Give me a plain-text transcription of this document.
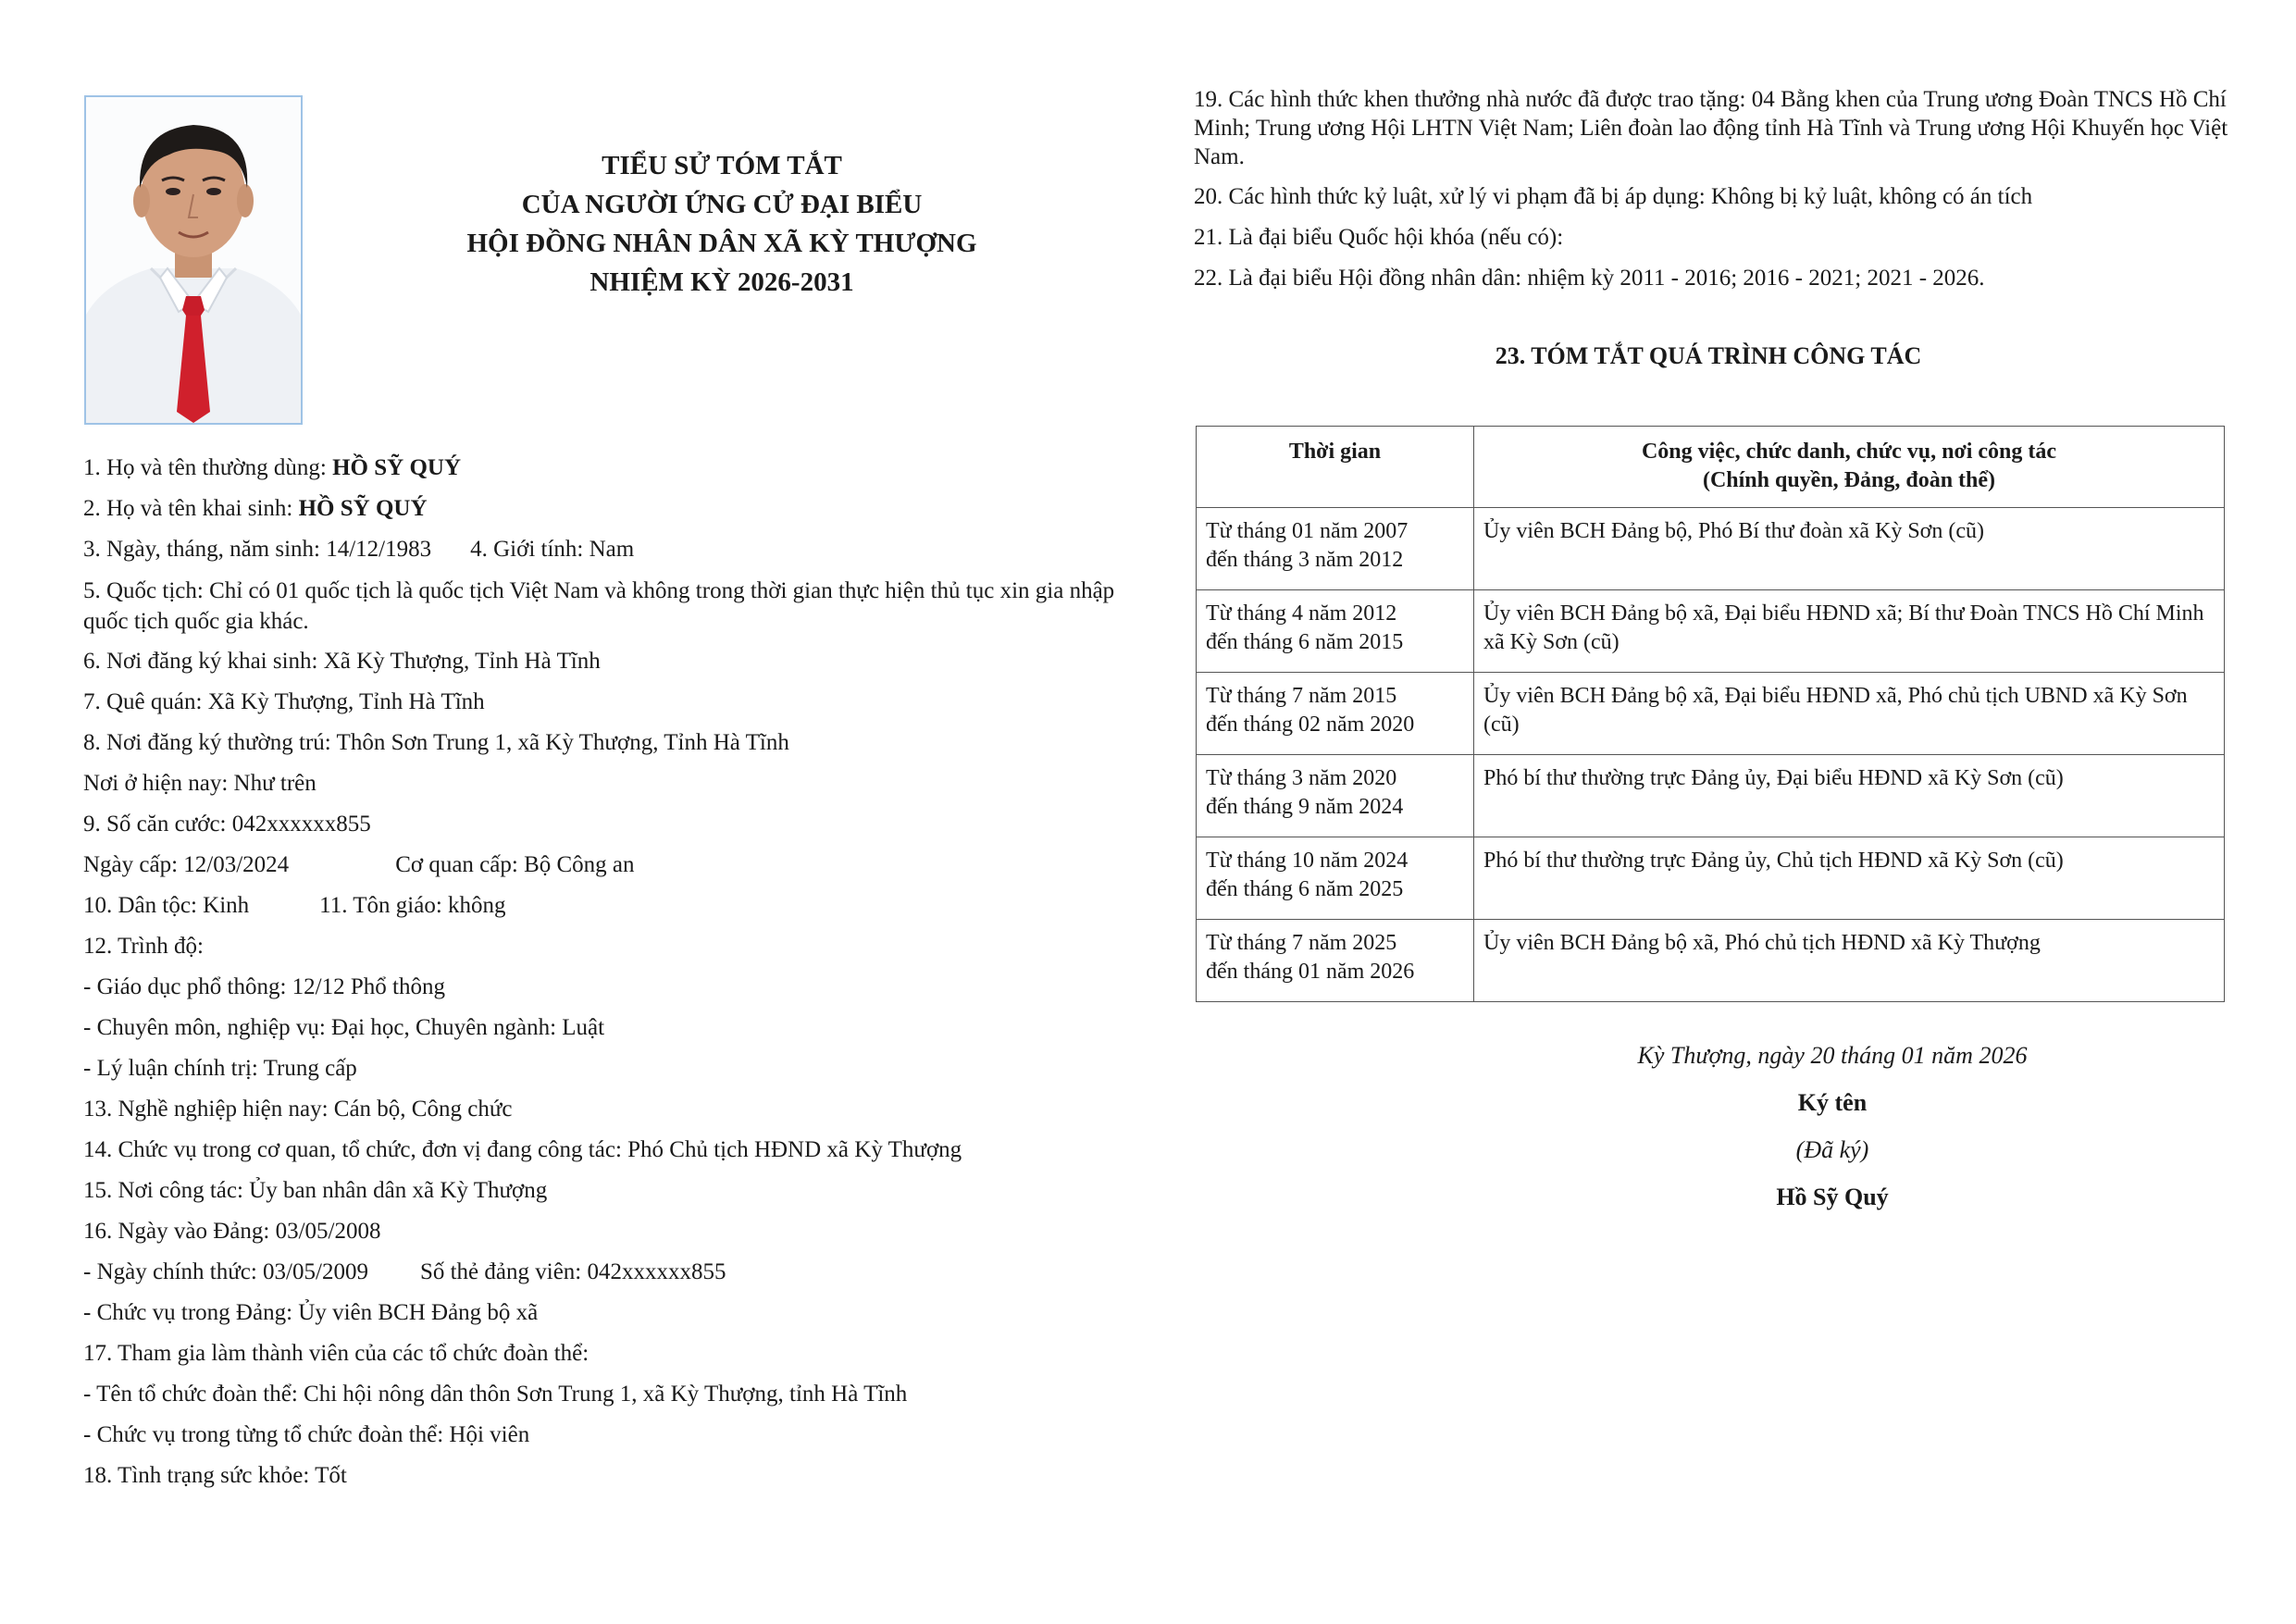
TIỂU SỬ TÓM TẮT
CỦA NGƯỜI ỨNG CỬ ĐẠI BIỂU
HỘI ĐỒNG NHÂN DÂN XÃ KỲ THƯỢNG
NHIỆM KỲ 2026-2031
1. Họ và tên thường dùng: HỒ SỸ QUÝ
2. Họ và tên khai sinh: HỒ SỸ QUÝ
3. Ngày, tháng, năm sinh: 14/12/1983 4. Giới tính: Nam
5. Quốc tịch: Chỉ có 01 quốc tịch là quốc tịch Việt Nam và không trong thời gian thực hiện thủ tục xin gia nhập quốc tịch quốc gia khác.
6. Nơi đăng ký khai sinh: Xã Kỳ Thượng, Tỉnh Hà Tĩnh
7. Quê quán: Xã Kỳ Thượng, Tỉnh Hà Tĩnh
8. Nơi đăng ký thường trú: Thôn Sơn Trung 1, xã Kỳ Thượng, Tỉnh Hà Tĩnh
Nơi ở hiện nay: Như trên
9. Số căn cước: 042xxxxxx855
Ngày cấp: 12/03/2024	Cơ quan cấp: Bộ Công an
10. Dân tộc: Kinh	11. Tôn giáo: không
12. Trình độ:
- Giáo dục phổ thông: 12/12 Phổ thông
- Chuyên môn, nghiệp vụ: Đại học, Chuyên ngành: Luật
- Lý luận chính trị: Trung cấp
13. Nghề nghiệp hiện nay: Cán bộ, Công chức
14. Chức vụ trong cơ quan, tổ chức, đơn vị đang công tác: Phó Chủ tịch HĐND xã Kỳ Thượng
15. Nơi công tác: Ủy ban nhân dân xã Kỳ Thượng
16. Ngày vào Đảng: 03/05/2008
- Ngày chính thức: 03/05/2009 Số thẻ đảng viên: 042xxxxxx855
- Chức vụ trong Đảng: Ủy viên BCH Đảng bộ xã
17. Tham gia làm thành viên của các tổ chức đoàn thể:
- Tên tổ chức đoàn thể: Chi hội nông dân thôn Sơn Trung 1, xã Kỳ Thượng, tỉnh Hà Tĩnh
- Chức vụ trong từng tổ chức đoàn thể: Hội viên
18. Tình trạng sức khỏe: Tốt
19. Các hình thức khen thưởng nhà nước đã được trao tặng: 04 Bằng khen của Trung ương Đoàn TNCS Hồ Chí Minh; Trung ương Hội LHTN Việt Nam; Liên đoàn lao động tỉnh Hà Tĩnh và Trung ương Hội Khuyến học Việt Nam.
20. Các hình thức kỷ luật, xử lý vi phạm đã bị áp dụng: Không bị kỷ luật, không có án tích
21. Là đại biểu Quốc hội khóa (nếu có):
22. Là đại biểu Hội đồng nhân dân: nhiệm kỳ 2011 - 2016; 2016 - 2021; 2021 - 2026.
23. TÓM TẮT QUÁ TRÌNH CÔNG TÁC
Thời gian	Công việc, chức danh, chức vụ, nơi công tác
(Chính quyền, Đảng, đoàn thể)

Từ tháng 01 năm 2007
đến tháng 3 năm 2012	Ủy viên BCH Đảng bộ, Phó Bí thư đoàn xã Kỳ Sơn (cũ)

Từ tháng 4 năm 2012
đến tháng 6 năm 2015	Ủy viên BCH Đảng bộ xã, Đại biểu HĐND xã; Bí thư Đoàn TNCS Hồ Chí Minh xã Kỳ Sơn (cũ)

Từ tháng 7 năm 2015
đến tháng 02 năm 2020	Ủy viên BCH Đảng bộ xã, Đại biểu HĐND xã, Phó chủ tịch UBND xã Kỳ Sơn (cũ)

Từ tháng 3 năm 2020
đến tháng 9 năm 2024	Phó bí thư thường trực Đảng ủy, Đại biểu HĐND xã Kỳ Sơn (cũ)

Từ tháng 10 năm 2024
đến tháng 6 năm 2025	Phó bí thư thường trực Đảng ủy, Chủ tịch HĐND xã Kỳ Sơn (cũ)

Từ tháng 7 năm 2025
đến tháng 01 năm 2026	Ủy viên BCH Đảng bộ xã, Phó chủ tịch HĐND xã Kỳ Thượng
Kỳ Thượng, ngày 20 tháng 01 năm 2026
Ký tên
(Đã ký)
Hồ Sỹ Quý
